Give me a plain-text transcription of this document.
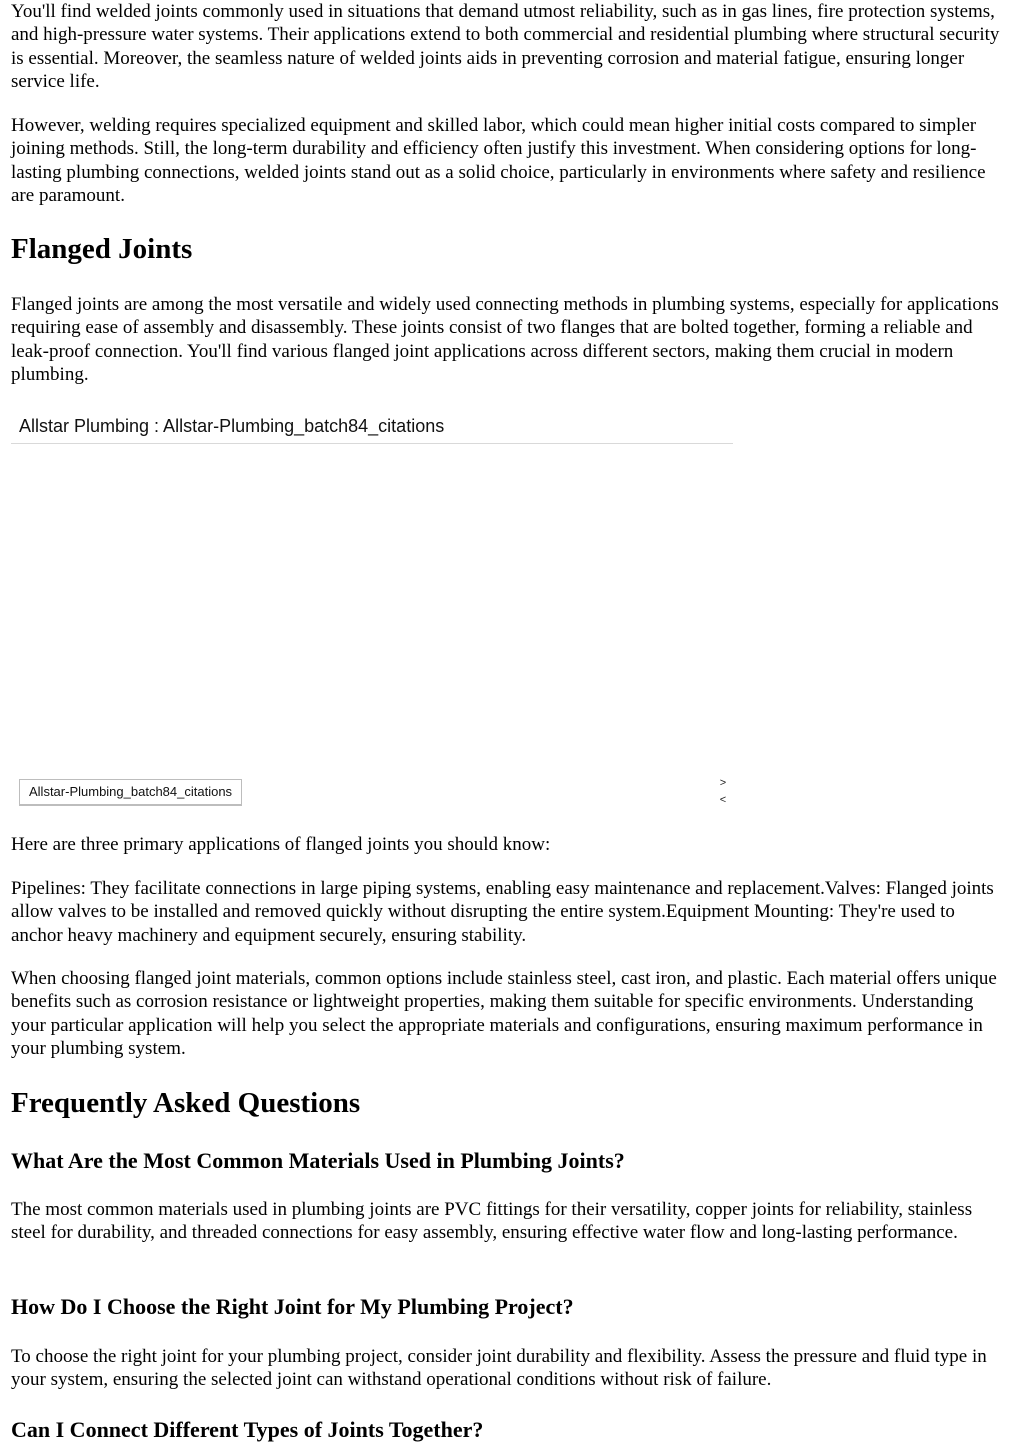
You'll find welded joints commonly used in situations that demand utmost reliability, such as in gas lines, fire protection systems, and high-pressure water systems. Their applications extend to both commercial and residential plumbing where structural security is essential. Moreover, the seamless nature of welded joints aids in preventing corrosion and material fatigue, ensuring longer service life.

However, welding requires specialized equipment and skilled labor, which could mean higher initial costs compared to simpler joining methods. Still, the long-term durability and efficiency often justify this investment. When considering options for long-lasting plumbing connections, welded joints stand out as a solid choice, particularly in environments where safety and resilience are paramount.

Flanged Joints

Flanged joints are among the most versatile and widely used connecting methods in plumbing systems, especially for applications requiring ease of assembly and disassembly. These joints consist of two flanges that are bolted together, forming a reliable and leak-proof connection. You'll find various flanged joint applications across different sectors, making them crucial in modern plumbing.

Allstar Plumbing : Allstar-Plumbing_batch84_citations
Allstar-Plumbing_batch84_citations
>
<

Here are three primary applications of flanged joints you should know:

Pipelines: They facilitate connections in large piping systems, enabling easy maintenance and replacement.Valves: Flanged joints allow valves to be installed and removed quickly without disrupting the entire system.Equipment Mounting: They're used to anchor heavy machinery and equipment securely, ensuring stability.

When choosing flanged joint materials, common options include stainless steel, cast iron, and plastic. Each material offers unique benefits such as corrosion resistance or lightweight properties, making them suitable for specific environments. Understanding your particular application will help you select the appropriate materials and configurations, ensuring maximum performance in your plumbing system.

Frequently Asked Questions
What Are the Most Common Materials Used in Plumbing Joints?

The most common materials used in plumbing joints are PVC fittings for their versatility, copper joints for reliability, stainless steel for durability, and threaded connections for easy assembly, ensuring effective water flow and long-lasting performance.

How Do I Choose the Right Joint for My Plumbing Project?

To choose the right joint for your plumbing project, consider joint durability and flexibility. Assess the pressure and fluid type in your system, ensuring the selected joint can withstand operational conditions without risk of failure.

Can I Connect Different Types of Joints Together?
